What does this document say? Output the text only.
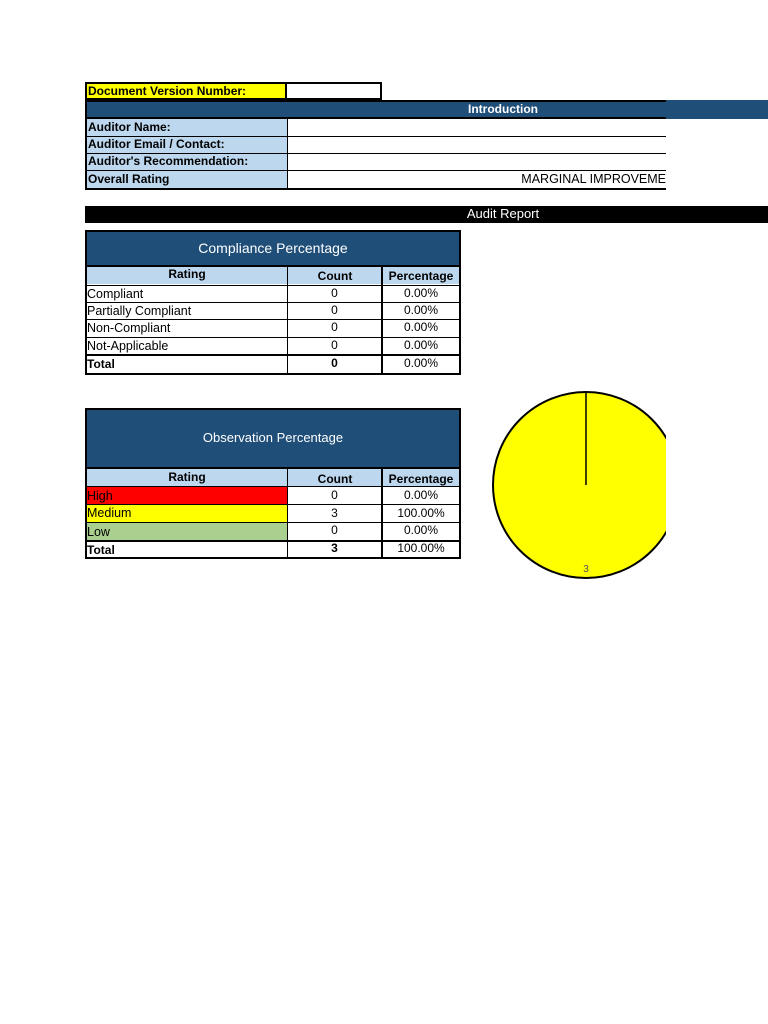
Document Version Number:
Introduction
Auditor Name:
Auditor Email / Contact:
Auditor's Recommendation:
Overall Rating	MARGINAL IMPROVEME
Audit Report
Compliance Percentage
Rating	Count	Percentage
Compliant	0	0.00%
Partially Compliant	0	0.00%
Non-Compliant	0	0.00%
Not-Applicable	0	0.00%
Total	0	0.00%
Observation Percentage
Rating	Count	Percentage
High	0	0.00%
Medium	3	100.00%
Low	0	0.00%
Total	3	100.00%
3
